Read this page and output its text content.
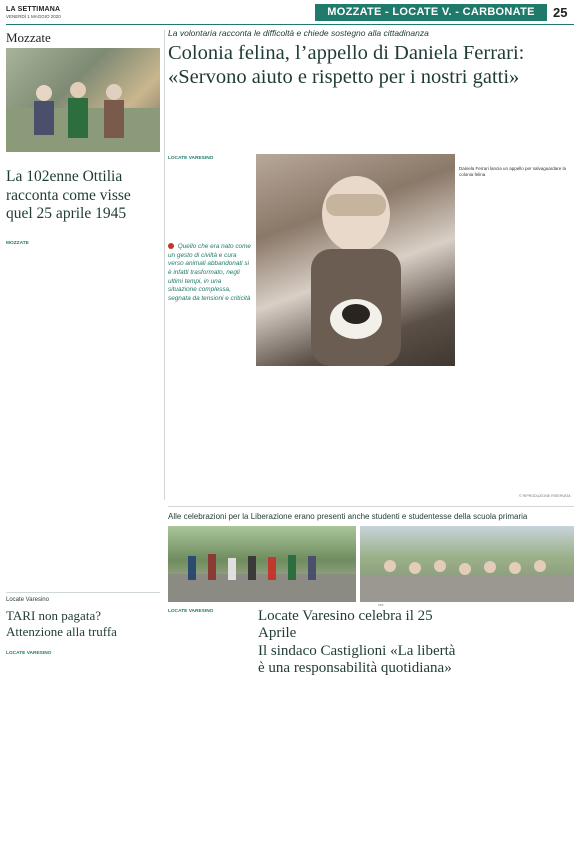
LA SETTIMANA
VENERDÌ 1 MAGGIO 2020	MOZZATE - LOCATE V. - CARBONATE	25
Mozzate
La 102enne Ottilia racconta come visse quel 25 aprile 1945
MOZZATE
La volontaria racconta le difficoltà e chiede sostegno alla cittadinanza
Colonia felina, l’appello di Daniela Ferrari:
«Servono aiuto e rispetto per i nostri gatti»
LOCATE VARESINO
Quello che era nato come un gesto di civiltà e cura verso animali abbandonati si è infatti trasformato, negli ultimi tempi, in una situazione complessa, segnata da tensioni e criticità
Daniela Ferrari lancia un appello per salvaguardare la colonia felina
© RIPRODUZIONE RISERVATA
Locate Varesino
TARI non pagata? Attenzione alla truffa
LOCATE VARESINO
Alle celebrazioni per la Liberazione erano presenti anche studenti e studentesse della scuola primaria
xxx
Locate Varesino celebra il 25 Aprile
Il sindaco Castiglioni «La libertà
è una responsabilità quotidiana»
LOCATE VARESINO
